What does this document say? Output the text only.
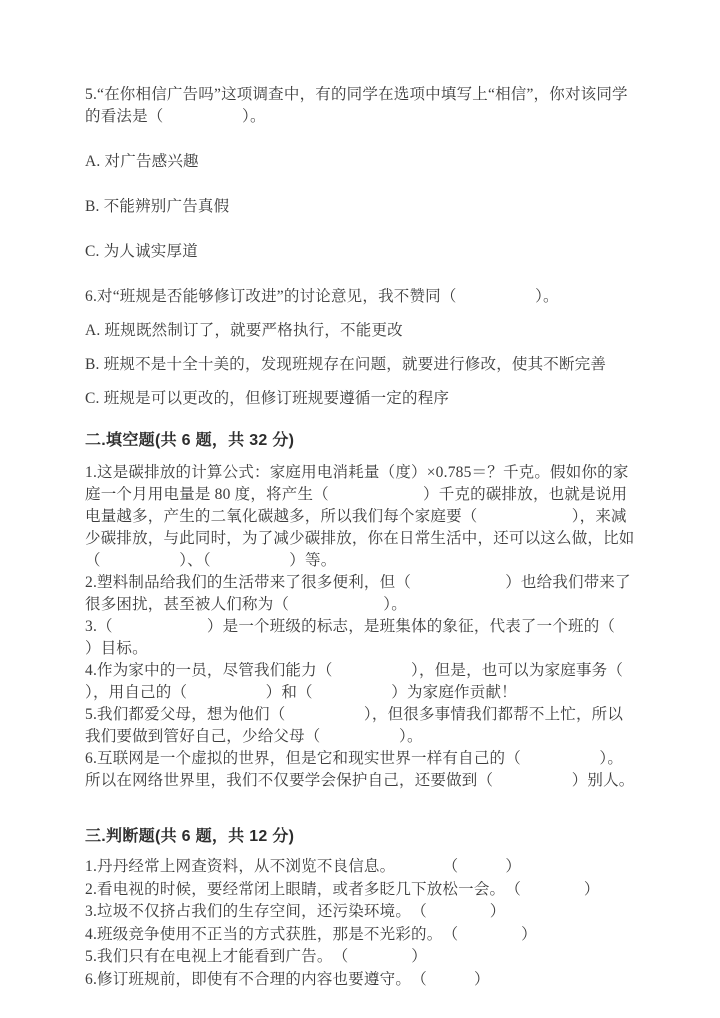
5.“在你相信广告吗”这项调查中，有的同学在选项中填写上“相信”，你对该同学的看法是（　　　　　）。

A. 对广告感兴趣

B. 不能辨别广告真假

C. 为人诚实厚道

6.对“班规是否能够修订改进”的讨论意见，我不赞同（　　　　　）。

A. 班规既然制订了，就要严格执行，不能更改

B. 班规不是十全十美的，发现班规存在问题，就要进行修改，使其不断完善

C. 班规是可以更改的，但修订班规要遵循一定的程序

二.填空题(共 6 题，共 32 分)

1.这是碳排放的计算公式：家庭用电消耗量（度）×0.785＝？千克。假如你的家庭一个月用电量是 80 度，将产生（　　　　　　）千克的碳排放，也就是说用电量越多，产生的二氧化碳越多，所以我们每个家庭要（　　　　　　），来减少碳排放，与此同时，为了减少碳排放，你在日常生活中，还可以这么做，比如（　　　　　）、（　　　　　）等。

2.塑料制品给我们的生活带来了很多便利，但（　　　　　　）也给我们带来了很多困扰，甚至被人们称为（　　　　　　）。

3.（　　　　　　）是一个班级的标志，是班集体的象征，代表了一个班的（　　　　　　）目标。

4.作为家中的一员，尽管我们能力（　　　　　），但是，也可以为家庭事务（　　　　　），用自己的（　　　　　）和（　　　　　）为家庭作贡献！

5.我们都爱父母，想为他们（　　　　　），但很多事情我们都帮不上忙，所以我们要做到管好自己，少给父母（　　　　　）。

6.互联网是一个虚拟的世界，但是它和现实世界一样有自己的（　　　　　）。所以在网络世界里，我们不仅要学会保护自己，还要做到（　　　　　）别人。

三.判断题(共 6 题，共 12 分)

1.丹丹经常上网查资料，从不浏览不良信息。　　　　（　　　）

2.看电视的时候，要经常闭上眼睛，或者多眨几下放松一会。　（　　　　）

3.垃圾不仅挤占我们的生存空间，还污染环境。　（　　　　）

4.班级竞争使用不正当的方式获胜，那是不光彩的。　（　　　　）

5.我们只有在电视上才能看到广告。　（　　　　）

6.修订班规前，即使有不合理的内容也要遵守。　（　　　）
